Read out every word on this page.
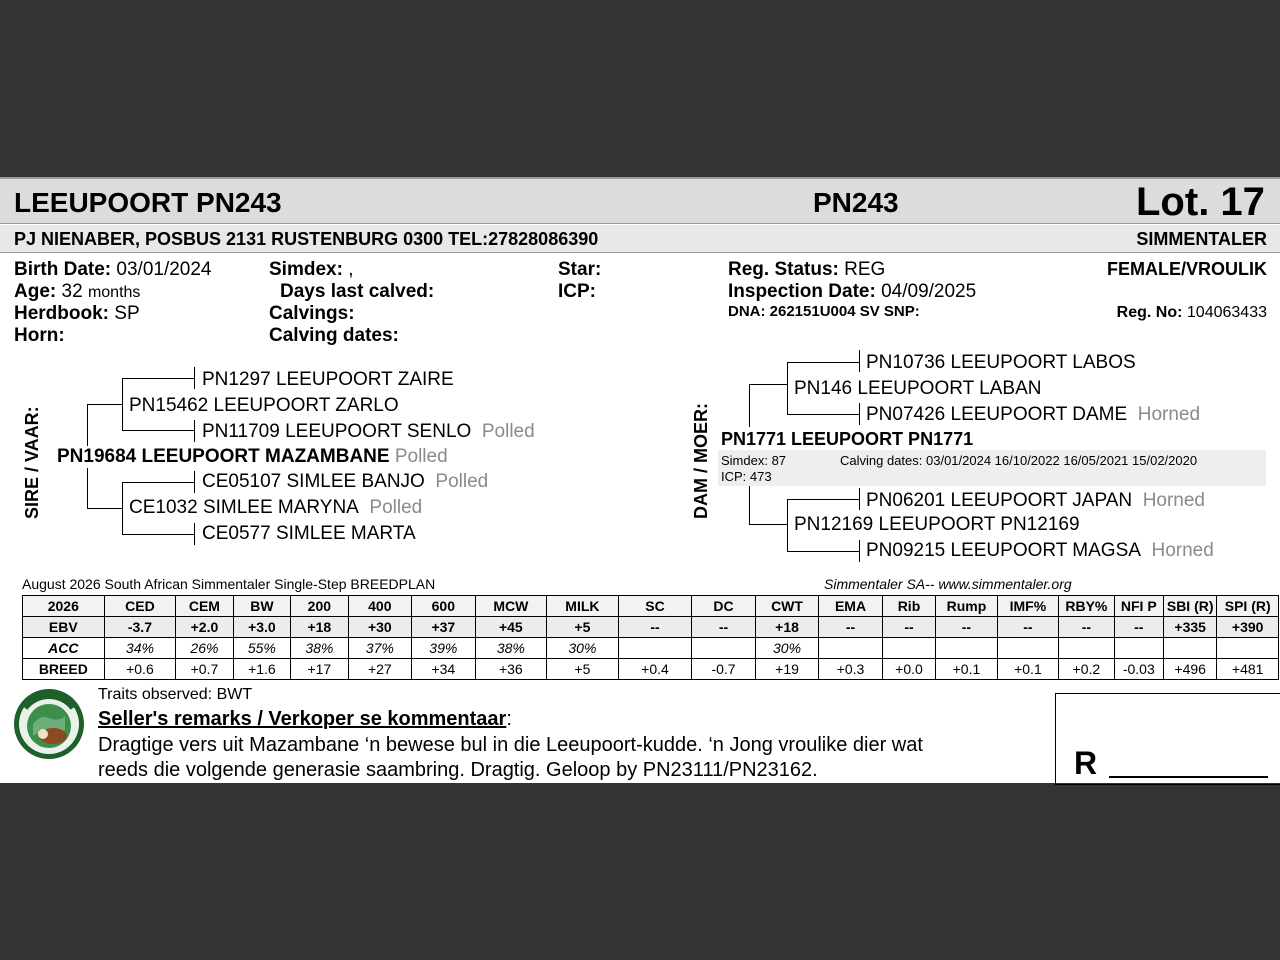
LEEUPOORT PN243	PN243	Lot. 17
PJ NIENABER, POSBUS 2131 RUSTENBURG 0300 TEL:27828086390	SIMMENTALER
Birth Date: 03/01/2024
Age: 32 months
Herdbook: SP
Horn:
Simdex: ,
Days last calved:
Calvings:
Calving dates:
Star:
ICP:
Reg. Status: REG
Inspection Date: 04/09/2025
DNA: 262151U004 SV SNP:
FEMALE/VROULIK
Reg. No: 104063433
SIRE / VAAR:
PN1297 LEEUPOORT ZAIRE
PN15462 LEEUPOORT ZARLO
PN11709 LEEUPOORT SENLO Polled
PN19684 LEEUPOORT MAZAMBANE Polled
CE05107 SIMLEE BANJO Polled
CE1032 SIMLEE MARYNA Polled
CE0577 SIMLEE MARTA
DAM / MOER:
PN10736 LEEUPOORT LABOS
PN146 LEEUPOORT LABAN
PN07426 LEEUPOORT DAME Horned
PN1771 LEEUPOORT PN1771
Simdex: 87	Calving dates: 03/01/2024 16/10/2022 16/05/2021 15/02/2020
ICP: 473
PN06201 LEEUPOORT JAPAN Horned
PN12169 LEEUPOORT PN12169
PN09215 LEEUPOORT MAGSA Horned
August 2026 South African Simmentaler Single-Step BREEDPLAN	Simmentaler SA-- www.simmentaler.org
2026	CED	CEM	BW	200	400	600	MCW	MILK	SC	DC	CWT	EMA	Rib	Rump	IMF%	RBY%	NFI P	SBI (R)	SPI (R)
EBV	-3.7	+2.0	+3.0	+18	+30	+37	+45	+5	--	--	+18	--	--	--	--	--	--	+335	+390
ACC	34%	26%	55%	38%	37%	39%	38%	30%			30%								
BREED	+0.6	+0.7	+1.6	+17	+27	+34	+36	+5	+0.4	-0.7	+19	+0.3	+0.0	+0.1	+0.1	+0.2	-0.03	+496	+481
Traits observed: BWT
Seller's remarks / Verkoper se kommentaar:
Dragtige vers uit Mazambane ‘n bewese bul in die Leeupoort-kudde. ‘n Jong vroulike dier wat
reeds die volgende generasie saambring. Dragtig. Geloop by PN23111/PN23162.	R
